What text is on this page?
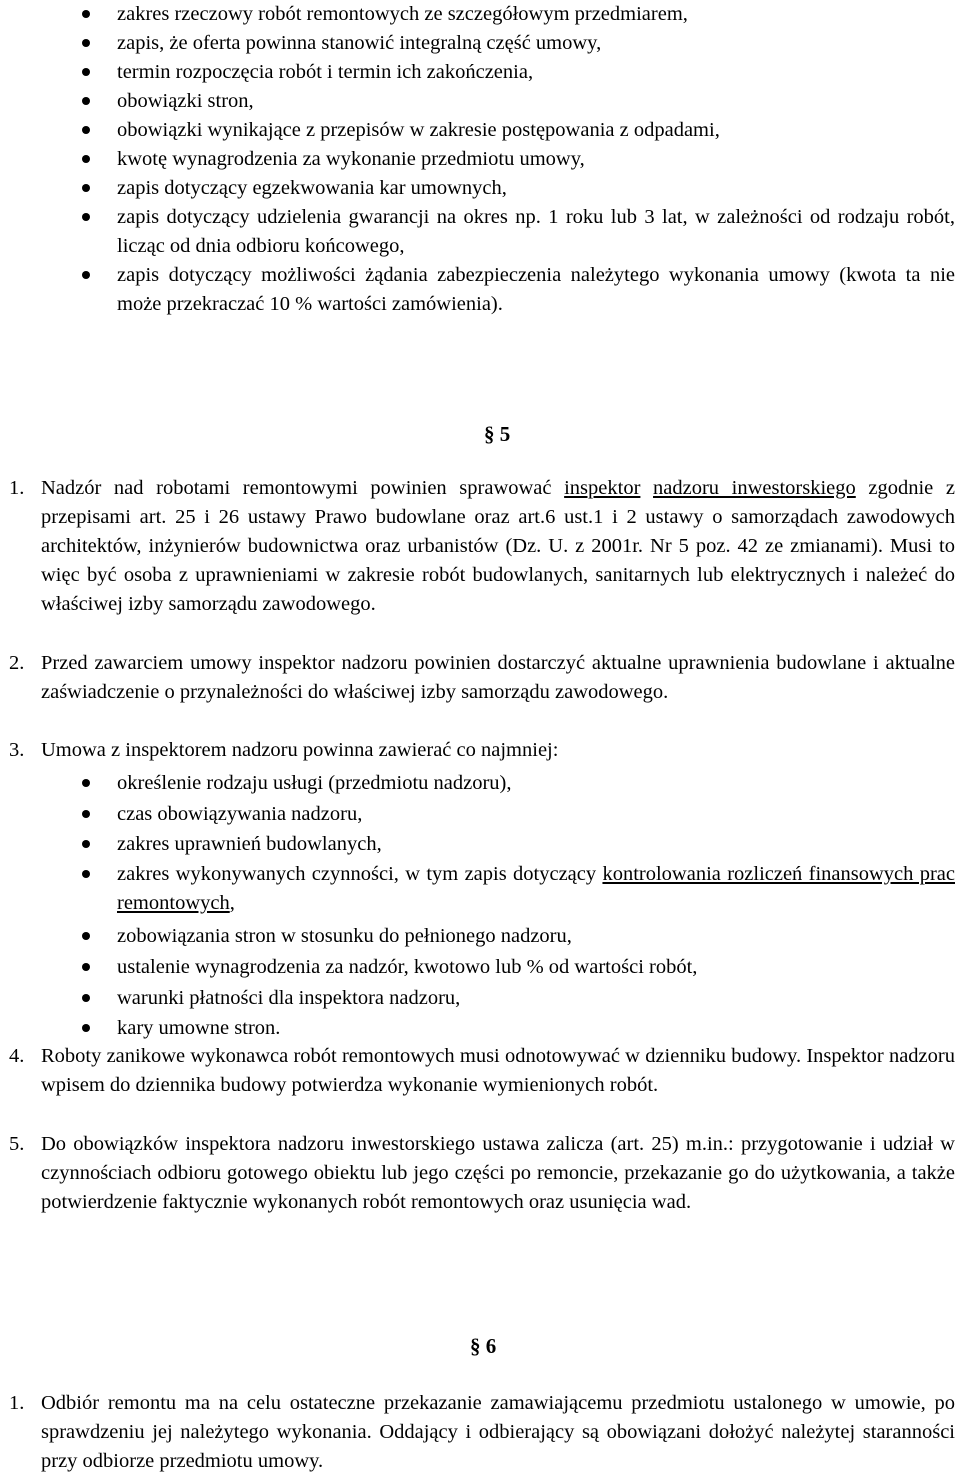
zakres rzeczowy robót remontowych ze szczegółowym przedmiarem,
zapis, że oferta powinna stanowić integralną część umowy,
termin rozpoczęcia robót i termin ich zakończenia,
obowiązki stron,
obowiązki wynikające z przepisów w zakresie postępowania z odpadami,
kwotę wynagrodzenia za wykonanie przedmiotu umowy,
zapis dotyczący egzekwowania kar umownych,
zapis dotyczący udzielenia gwarancji na okres np. 1 roku lub 3 lat, w zależności od rodzaju robót, licząc od dnia odbioru końcowego,
zapis dotyczący możliwości żądania zabezpieczenia należytego wykonania umowy (kwota ta nie może przekraczać 10 % wartości zamówienia).
§ 5
1. Nadzór nad robotami remontowymi powinien sprawować inspektor nadzoru inwestorskiego zgodnie z przepisami art. 25 i 26 ustawy Prawo budowlane oraz art.6 ust.1 i 2 ustawy o samorządach zawodowych architektów, inżynierów budownictwa oraz urbanistów (Dz. U. z 2001r. Nr 5 poz. 42 ze zmianami). Musi to więc być osoba z uprawnieniami w zakresie robót budowlanych, sanitarnych lub elektrycznych i należeć do właściwej izby samorządu zawodowego.
2. Przed zawarciem umowy inspektor nadzoru powinien dostarczyć aktualne uprawnienia budowlane i aktualne zaświadczenie o przynależności do właściwej izby samorządu zawodowego.
3. Umowa z inspektorem nadzoru powinna zawierać co najmniej:
określenie rodzaju usługi (przedmiotu nadzoru),
czas obowiązywania nadzoru,
zakres uprawnień budowlanych,
zakres wykonywanych czynności, w tym zapis dotyczący kontrolowania rozliczeń finansowych prac remontowych,
zobowiązania stron w stosunku do pełnionego nadzoru,
ustalenie wynagrodzenia za nadzór, kwotowo lub % od wartości robót,
warunki płatności dla inspektora nadzoru,
kary umowne stron.
4. Roboty zanikowe wykonawca robót remontowych musi odnotowywać w dzienniku budowy. Inspektor nadzoru wpisem do dziennika budowy potwierdza wykonanie wymienionych robót.
5. Do obowiązków inspektora nadzoru inwestorskiego ustawa zalicza (art. 25) m.in.: przygotowanie i udział w czynnościach odbioru gotowego obiektu lub jego części po remoncie, przekazanie go do użytkowania, a także potwierdzenie faktycznie wykonanych robót remontowych oraz usunięcia wad.
§ 6
1. Odbiór remontu ma na celu ostateczne przekazanie zamawiającemu przedmiotu ustalonego w umowie, po sprawdzeniu jej należytego wykonania. Oddający i odbierający są obowiązani dołożyć należytej staranności przy odbiorze przedmiotu umowy.
